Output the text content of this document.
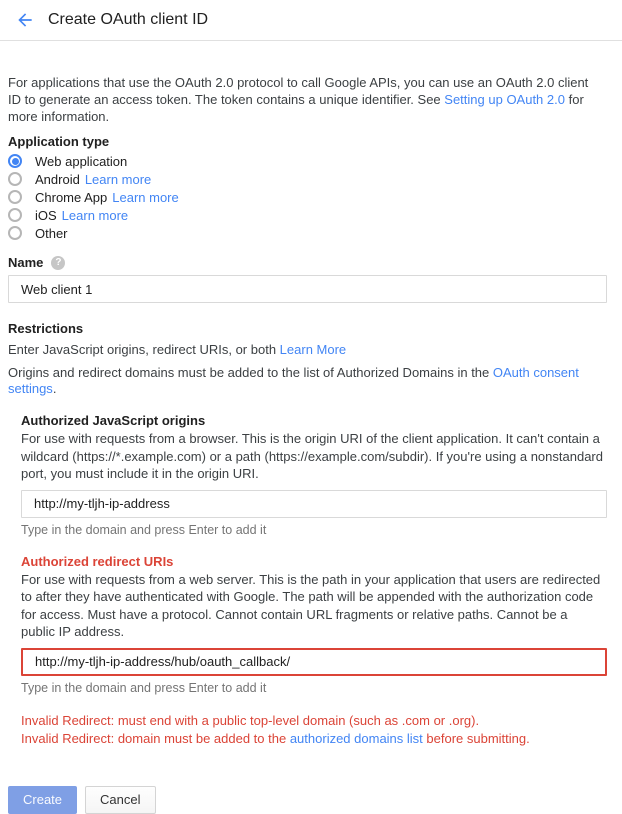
Create OAuth client ID

For applications that use the OAuth 2.0 protocol to call Google APIs, you can use an OAuth 2.0 client ID to generate an access token. The token contains a unique identifier. See Setting up OAuth 2.0 for more information.

Application type
Web application
Android Learn more
Chrome App Learn more
iOS Learn more
Other
Name	?
Web client 1
Restrictions

Enter JavaScript origins, redirect URIs, or both Learn More

Origins and redirect domains must be added to the list of Authorized Domains in the OAuth consent settings.

Authorized JavaScript origins

For use with requests from a browser. This is the origin URI of the client application. It can't contain a wildcard (https://*.example.com) or a path (https://example.com/subdir). If you're using a nonstandard port, you must include it in the origin URI.

http://my-tljh-ip-address
Type in the domain and press Enter to add it
Authorized redirect URIs

For use with requests from a web server. This is the path in your application that users are redirected to after they have authenticated with Google. The path will be appended with the authorization code for access. Must have a protocol. Cannot contain URL fragments or relative paths. Cannot be a public IP address.

http://my-tljh-ip-address/hub/oauth_callback/
Type in the domain and press Enter to add it
Invalid Redirect: must end with a public top-level domain (such as .com or .org).
Invalid Redirect: domain must be added to the authorized domains list before submitting.
Create	Cancel
